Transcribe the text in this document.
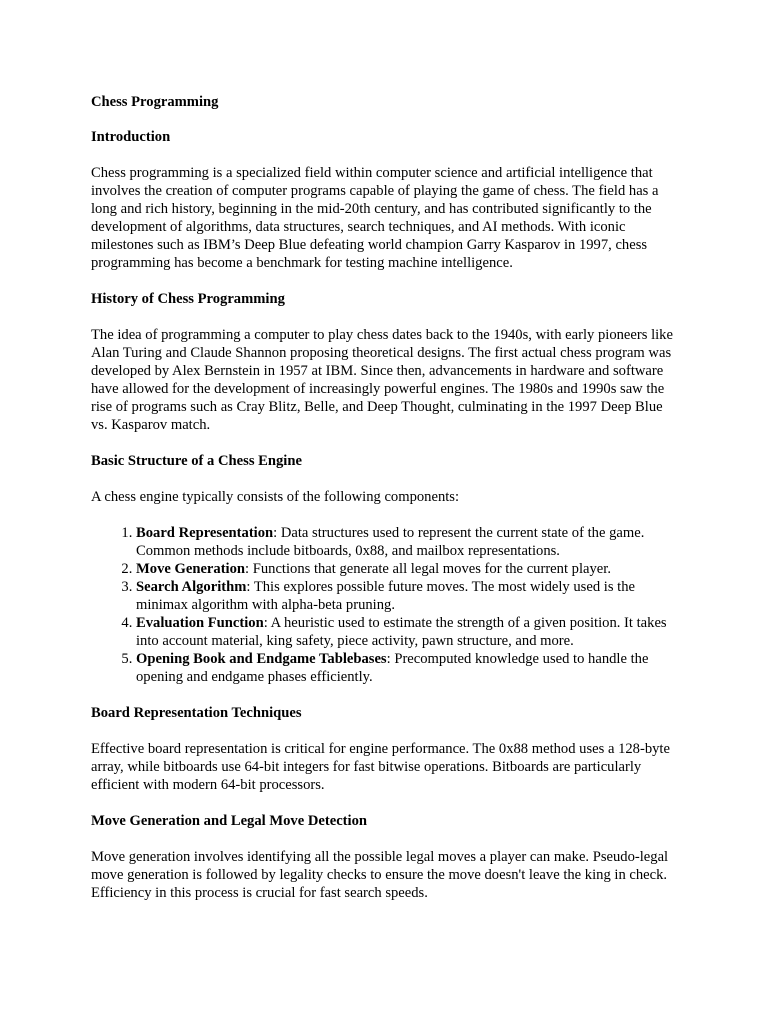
Chess Programming

Introduction

Chess programming is a specialized field within computer science and artificial intelligence that involves the creation of computer programs capable of playing the game of chess. The field has a long and rich history, beginning in the mid-20th century, and has contributed significantly to the development of algorithms, data structures, search techniques, and AI methods. With iconic milestones such as IBM’s Deep Blue defeating world champion Garry Kasparov in 1997, chess programming has become a benchmark for testing machine intelligence.

History of Chess Programming

The idea of programming a computer to play chess dates back to the 1940s, with early pioneers like Alan Turing and Claude Shannon proposing theoretical designs. The first actual chess program was developed by Alex Bernstein in 1957 at IBM. Since then, advancements in hardware and software have allowed for the development of increasingly powerful engines. The 1980s and 1990s saw the rise of programs such as Cray Blitz, Belle, and Deep Thought, culminating in the 1997 Deep Blue vs. Kasparov match.

Basic Structure of a Chess Engine

A chess engine typically consists of the following components:

1. Board Representation: Data structures used to represent the current state of the game. Common methods include bitboards, 0x88, and mailbox representations.
2. Move Generation: Functions that generate all legal moves for the current player.
3. Search Algorithm: This explores possible future moves. The most widely used is the minimax algorithm with alpha-beta pruning.
4. Evaluation Function: A heuristic used to estimate the strength of a given position. It takes into account material, king safety, piece activity, pawn structure, and more.
5. Opening Book and Endgame Tablebases: Precomputed knowledge used to handle the opening and endgame phases efficiently.

Board Representation Techniques

Effective board representation is critical for engine performance. The 0x88 method uses a 128-byte array, while bitboards use 64-bit integers for fast bitwise operations. Bitboards are particularly efficient with modern 64-bit processors.

Move Generation and Legal Move Detection

Move generation involves identifying all the possible legal moves a player can make. Pseudo-legal move generation is followed by legality checks to ensure the move doesn't leave the king in check. Efficiency in this process is crucial for fast search speeds.
